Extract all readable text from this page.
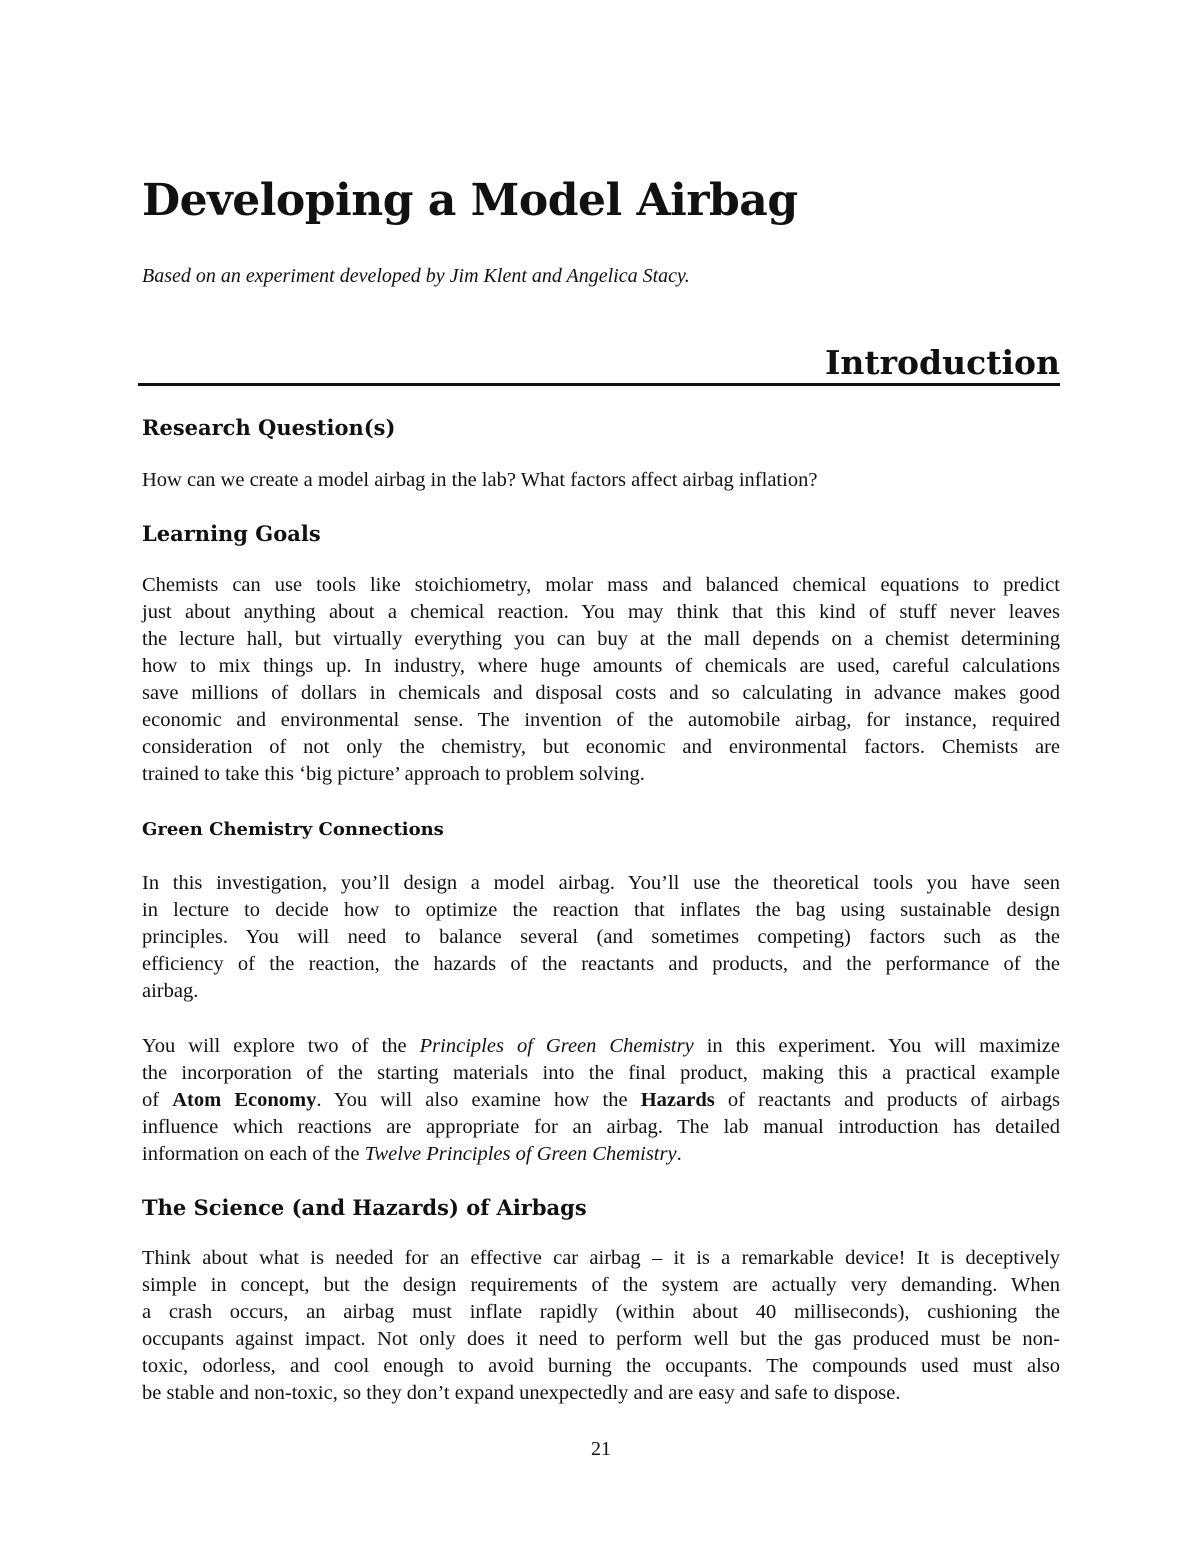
Developing a Model Airbag
Based on an experiment developed by Jim Klent and Angelica Stacy.
Introduction
Research Question(s)

How can we create a model airbag in the lab? What factors affect airbag inflation?

Learning Goals

Chemists can use tools like stoichiometry, molar mass and balanced chemical equations to predict
just about anything about a chemical reaction. You may think that this kind of stuff never leaves
the lecture hall, but virtually everything you can buy at the mall depends on a chemist determining
how to mix things up. In industry, where huge amounts of chemicals are used, careful calculations
save millions of dollars in chemicals and disposal costs and so calculating in advance makes good
economic and environmental sense. The invention of the automobile airbag, for instance, required
consideration of not only the chemistry, but economic and environmental factors. Chemists are
trained to take this ‘big picture’ approach to problem solving.

Green Chemistry Connections

In this investigation, you’ll design a model airbag. You’ll use the theoretical tools you have seen
in lecture to decide how to optimize the reaction that inflates the bag using sustainable design
principles. You will need to balance several (and sometimes competing) factors such as the
efficiency of the reaction, the hazards of the reactants and products, and the performance of the
airbag.

You will explore two of the Principles of Green Chemistry in this experiment. You will maximize
the incorporation of the starting materials into the final product, making this a practical example
of Atom Economy. You will also examine how the Hazards of reactants and products of airbags
influence which reactions are appropriate for an airbag. The lab manual introduction has detailed
information on each of the Twelve Principles of Green Chemistry.

The Science (and Hazards) of Airbags

Think about what is needed for an effective car airbag – it is a remarkable device! It is deceptively
simple in concept, but the design requirements of the system are actually very demanding. When
a crash occurs, an airbag must inflate rapidly (within about 40 milliseconds), cushioning the
occupants against impact. Not only does it need to perform well but the gas produced must be non-
toxic, odorless, and cool enough to avoid burning the occupants. The compounds used must also
be stable and non-toxic, so they don’t expand unexpectedly and are easy and safe to dispose.

21
